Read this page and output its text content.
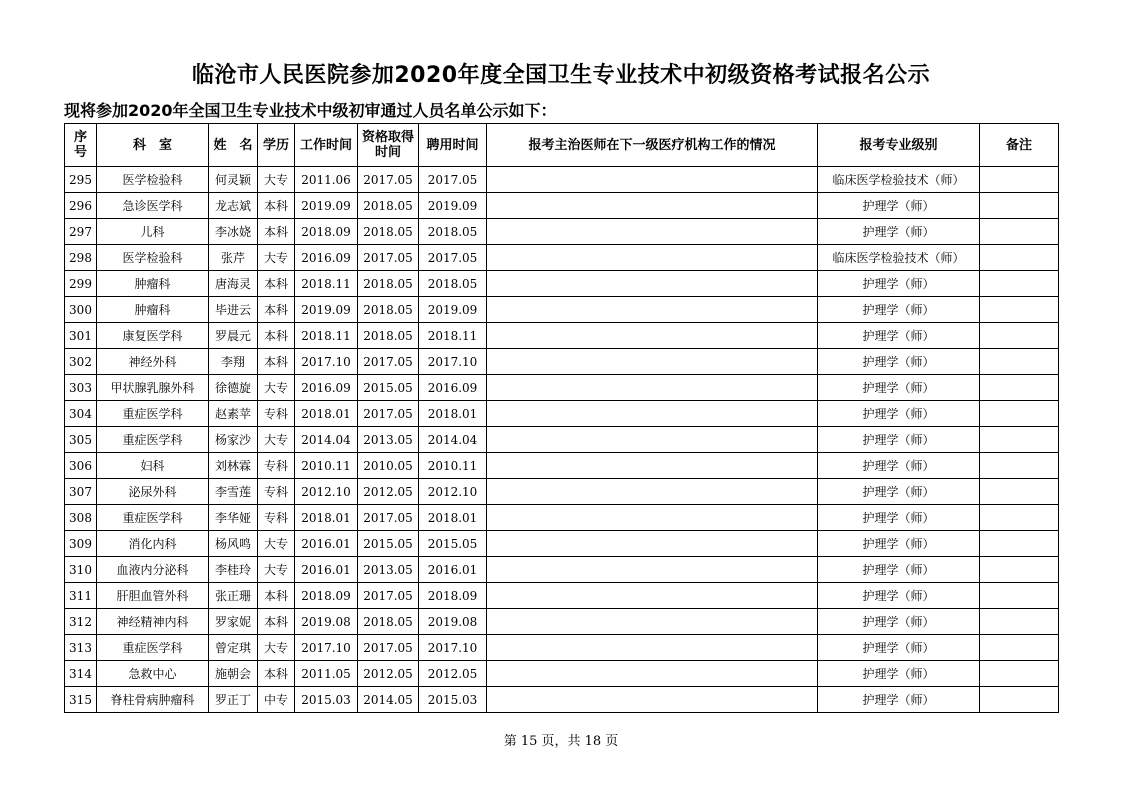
临沧市人民医院参加2020年度全国卫生专业技术中初级资格考试报名公示
现将参加2020年全国卫生专业技术中级初审通过人员名单公示如下：
序号	科　室	姓　名	学历	工作时间	资格取得时间	聘用时间	报考主治医师在下一级医疗机构工作的情况	报考专业级别	备注
295	医学检验科	何灵颖	大专	2011.06	2017.05	2017.05		临床医学检验技术（师）	
296	急诊医学科	龙志斌	本科	2019.09	2018.05	2019.09		护理学（师）	
297	儿科	李冰娆	本科	2018.09	2018.05	2018.05		护理学（师）	
298	医学检验科	张芹	大专	2016.09	2017.05	2017.05		临床医学检验技术（师）	
299	肿瘤科	唐海灵	本科	2018.11	2018.05	2018.05		护理学（师）	
300	肿瘤科	毕进云	本科	2019.09	2018.05	2019.09		护理学（师）	
301	康复医学科	罗晨元	本科	2018.11	2018.05	2018.11		护理学（师）	
302	神经外科	李翔	本科	2017.10	2017.05	2017.10		护理学（师）	
303	甲状腺乳腺外科	徐德旋	大专	2016.09	2015.05	2016.09		护理学（师）	
304	重症医学科	赵素苹	专科	2018.01	2017.05	2018.01		护理学（师）	
305	重症医学科	杨家沙	大专	2014.04	2013.05	2014.04		护理学（师）	
306	妇科	刘林霖	专科	2010.11	2010.05	2010.11		护理学（师）	
307	泌尿外科	李雪莲	专科	2012.10	2012.05	2012.10		护理学（师）	
308	重症医学科	李华娅	专科	2018.01	2017.05	2018.01		护理学（师）	
309	消化内科	杨风鸣	大专	2016.01	2015.05	2015.05		护理学（师）	
310	血液内分泌科	李桂玲	大专	2016.01	2013.05	2016.01		护理学（师）	
311	肝胆血管外科	张正珊	本科	2018.09	2017.05	2018.09		护理学（师）	
312	神经精神内科	罗家妮	本科	2019.08	2018.05	2019.08		护理学（师）	
313	重症医学科	曾定琪	大专	2017.10	2017.05	2017.10		护理学（师）	
314	急救中心	施朝会	本科	2011.05	2012.05	2012.05		护理学（师）	
315	脊柱骨病肿瘤科	罗正丁	中专	2015.03	2014.05	2015.03		护理学（师）	
第 15 页，共 18 页
